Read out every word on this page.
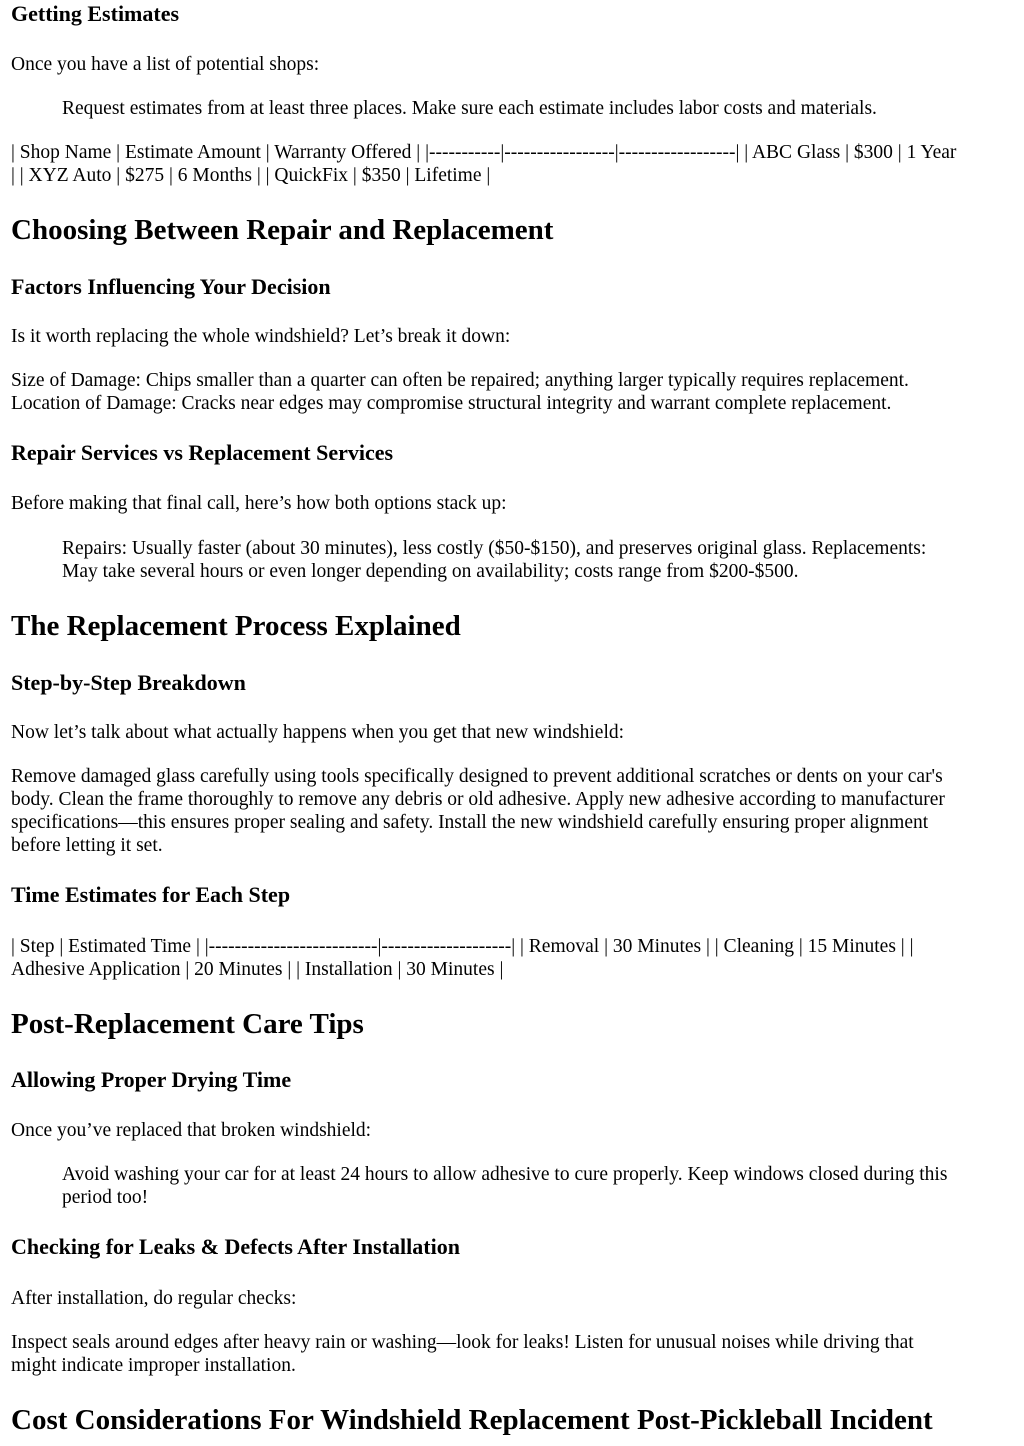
Getting Estimates

Once you have a list of potential shops:

Request estimates from at least three places. Make sure each estimate includes labor costs and materials.

| Shop Name | Estimate Amount | Warranty Offered | |-----------|-----------------|------------------| | ABC Glass | $300 | 1 Year
| | XYZ Auto | $275 | 6 Months | | QuickFix | $350 | Lifetime |

Choosing Between Repair and Replacement
Factors Influencing Your Decision

Is it worth replacing the whole windshield? Let’s break it down:

Size of Damage: Chips smaller than a quarter can often be repaired; anything larger typically requires replacement.
Location of Damage: Cracks near edges may compromise structural integrity and warrant complete replacement.

Repair Services vs Replacement Services

Before making that final call, here’s how both options stack up:

Repairs: Usually faster (about 30 minutes), less costly ($50-$150), and preserves original glass. Replacements:
May take several hours or even longer depending on availability; costs range from $200-$500.
The Replacement Process Explained
Step-by-Step Breakdown

Now let’s talk about what actually happens when you get that new windshield:

Remove damaged glass carefully using tools specifically designed to prevent additional scratches or dents on your car's
body. Clean the frame thoroughly to remove any debris or old adhesive. Apply new adhesive according to manufacturer
specifications—this ensures proper sealing and safety. Install the new windshield carefully ensuring proper alignment
before letting it set.

Time Estimates for Each Step

| Step | Estimated Time | |--------------------------|--------------------| | Removal | 30 Minutes | | Cleaning | 15 Minutes | |
Adhesive Application | 20 Minutes | | Installation | 30 Minutes |

Post-Replacement Care Tips
Allowing Proper Drying Time

Once you’ve replaced that broken windshield:

Avoid washing your car for at least 24 hours to allow adhesive to cure properly. Keep windows closed during this
period too!
Checking for Leaks & Defects After Installation

After installation, do regular checks:

Inspect seals around edges after heavy rain or washing—look for leaks! Listen for unusual noises while driving that
might indicate improper installation.

Cost Considerations For Windshield Replacement Post-Pickleball Incident
